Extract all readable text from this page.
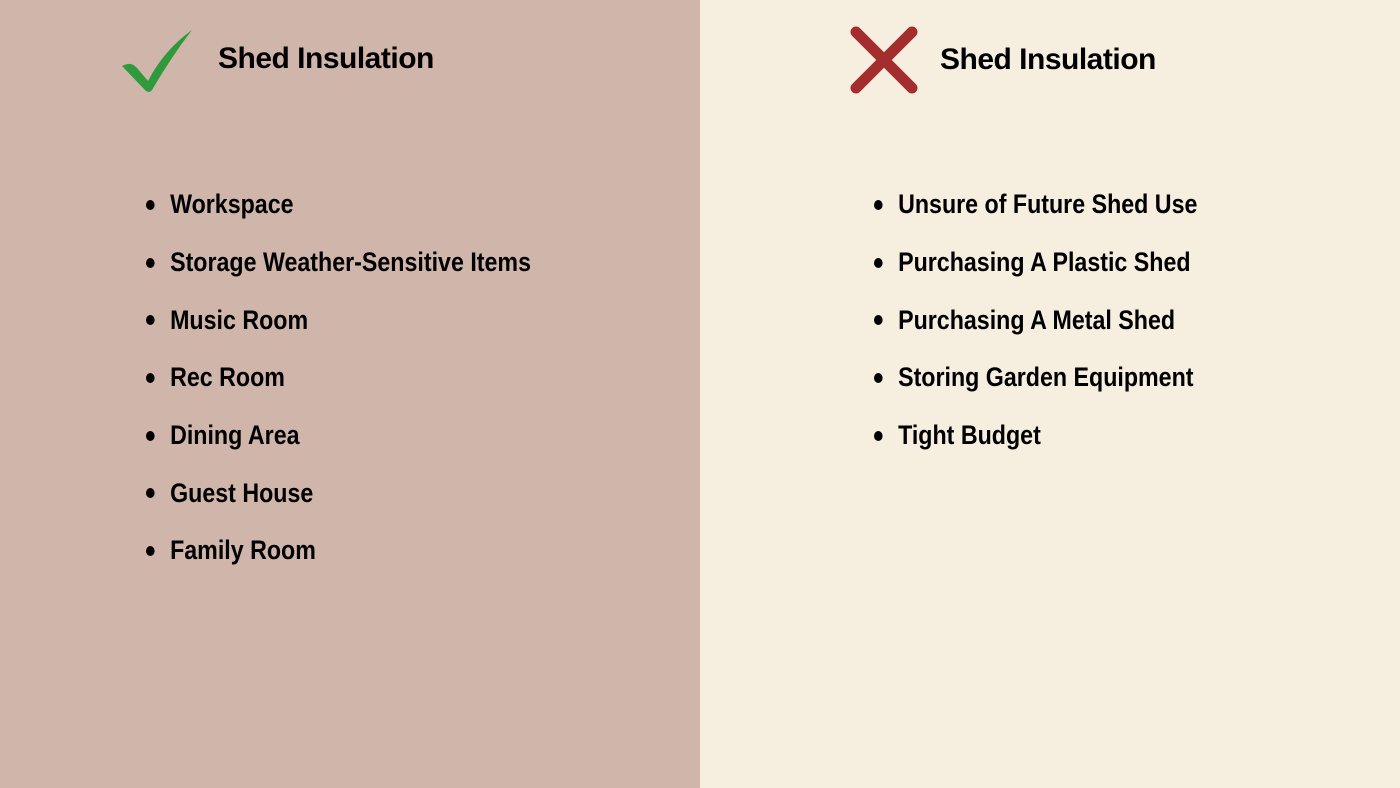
Shed Insulation
Workspace
Storage Weather-Sensitive Items
Music Room
Rec Room
Dining Area
Guest House
Family Room
Shed Insulation
Unsure of Future Shed Use
Purchasing A Plastic Shed
Purchasing A Metal Shed
Storing Garden Equipment
Tight Budget
